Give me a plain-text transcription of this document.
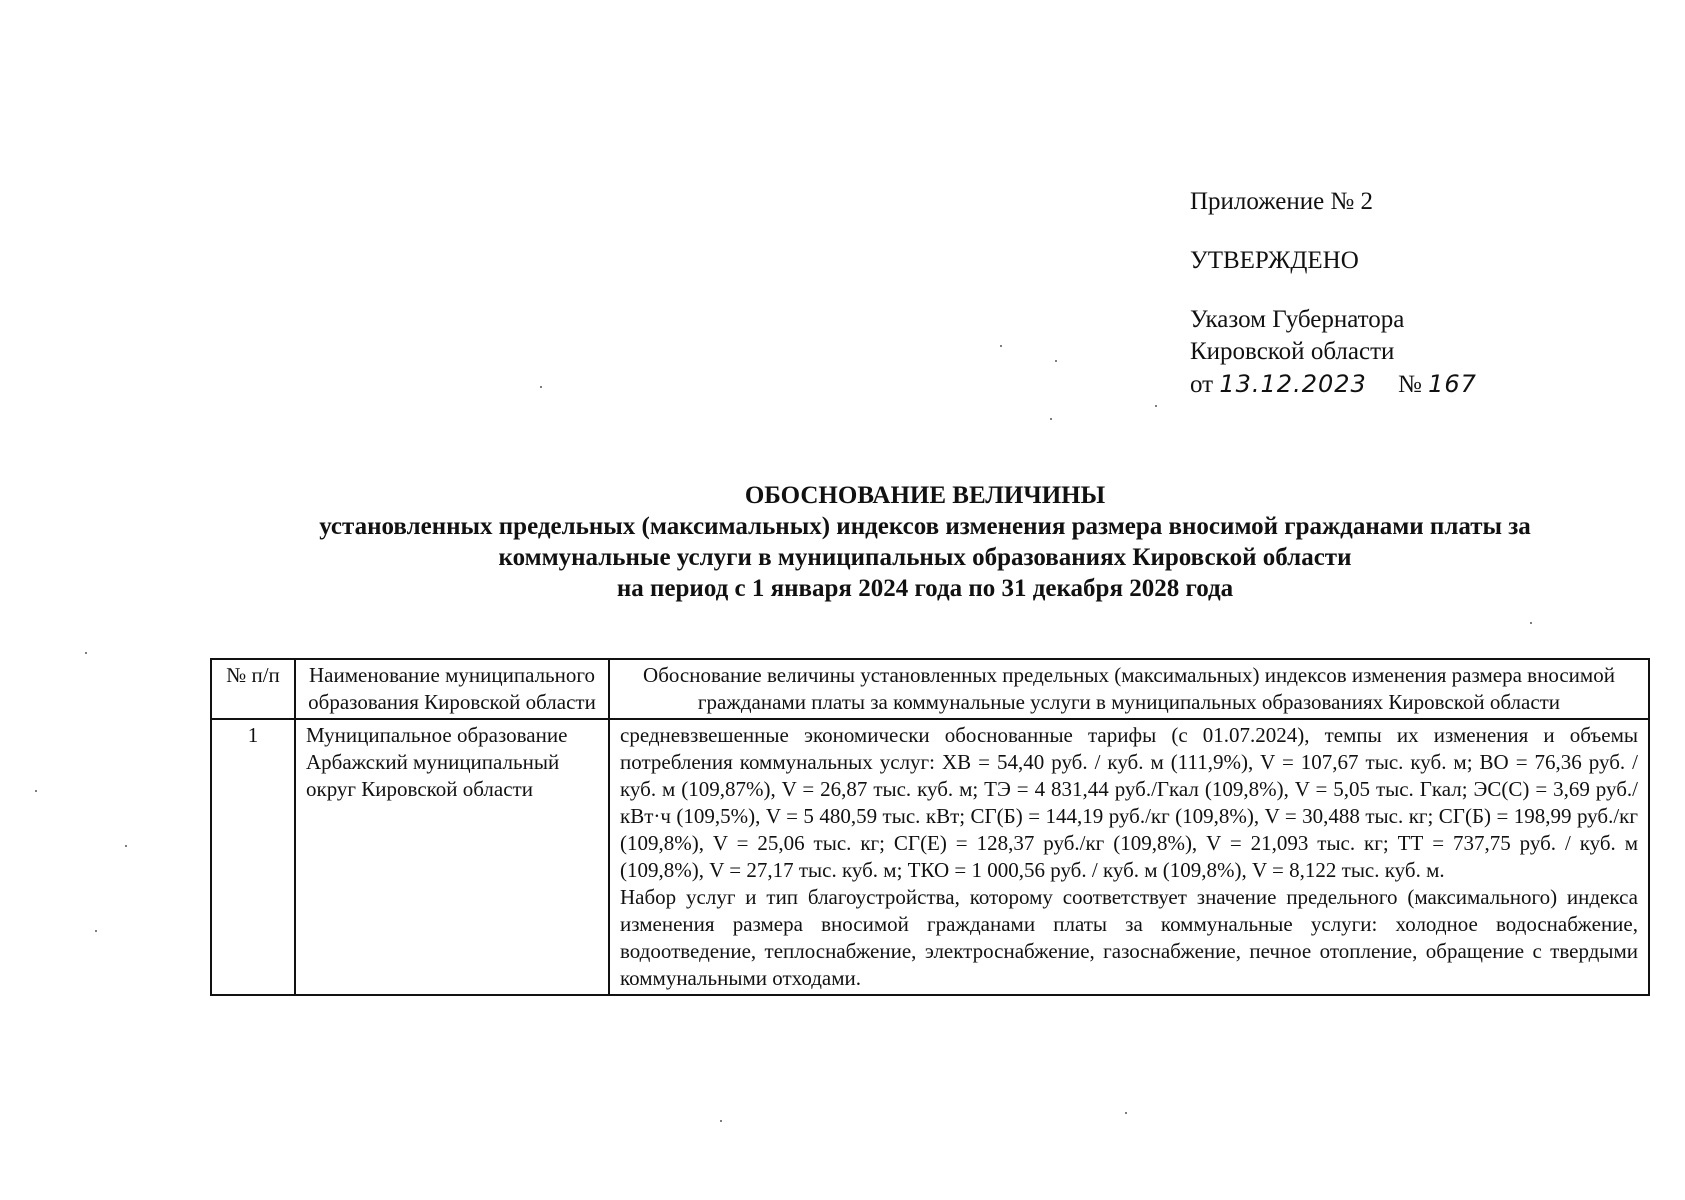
Приложение № 2
УТВЕРЖДЕНО
Указом Губернатора
Кировской области
от 13.12.2023 № 167
ОБОСНОВАНИЕ ВЕЛИЧИНЫ
установленных предельных (максимальных) индексов изменения размера вносимой гражданами платы за
коммунальные услуги в муниципальных образованиях Кировской области
на период с 1 января 2024 года по 31 декабря 2028 года
№ п/п	Наименование муниципального образования Кировской области	Обоснование величины установленных предельных (максимальных) индексов изменения размера вносимой гражданами платы за коммунальные услуги в муниципальных образованиях Кировской области
1	Муниципальное образование Арбажский муниципальный округ Кировской области	средневзвешенные экономически обоснованные тарифы (с 01.07.2024), темпы их изменения и объемы потребления коммунальных услуг: ХВ = 54,40 руб. / куб. м (111,9%), V = 107,67 тыс. куб. м; ВО = 76,36 руб. / куб. м (109,87%), V = 26,87 тыс. куб. м; ТЭ = 4 831,44 руб./Гкал (109,8%), V = 5,05 тыс. Гкал; ЭС(С) = 3,69 руб./кВт·ч (109,5%), V = 5 480,59 тыс. кВт; СГ(Б) = 144,19 руб./кг (109,8%), V = 30,488 тыс. кг; СГ(Б) = 198,99 руб./кг (109,8%), V = 25,06 тыс. кг; СГ(Е) = 128,37 руб./кг (109,8%), V = 21,093 тыс. кг; ТТ = 737,75 руб. / куб. м (109,8%), V = 27,17 тыс. куб. м; ТКО = 1 000,56 руб. / куб. м (109,8%), V = 8,122 тыс. куб. м.
Набор услуг и тип благоустройства, которому соответствует значение предельного (максимального) индекса изменения размера вносимой гражданами платы за коммунальные услуги: холодное водоснабжение, водоотведение, теплоснабжение, электроснабжение, газоснабжение, печное отопление, обращение с твердыми коммунальными отходами.
